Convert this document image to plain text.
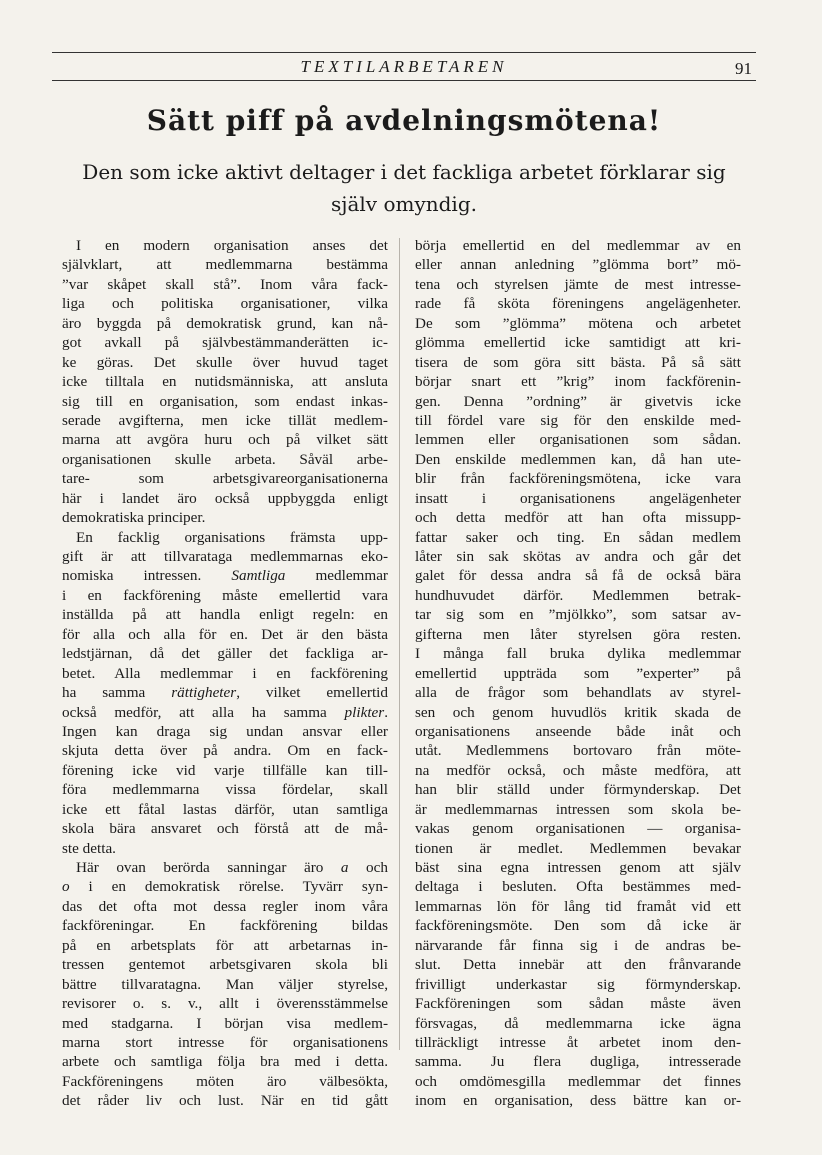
TEXTILARBETAREN	91
Sätt piff på avdelningsmötena!
Den som icke aktivt deltager i det fackliga arbetet förklarar sig själv omyndig.
I en modern organisation anses det
självklart, att medlemmarna bestämma
”var skåpet skall stå”. Inom våra fack-
liga och politiska organisationer, vilka
äro byggda på demokratisk grund, kan nå-
got avkall på självbestämmanderätten ic-
ke göras. Det skulle över huvud taget
icke tilltala en nutidsmänniska, att ansluta
sig till en organisation, som endast inkas-
serade avgifterna, men icke tillät medlem-
marna att avgöra huru och på vilket sätt
organisationen skulle arbeta. Såväl arbe-
tare- som arbetsgivareorganisationerna
här i landet äro också uppbyggda enligt
demokratiska principer.
En facklig organisations främsta upp-
gift är att tillvarataga medlemmarnas eko-
nomiska intressen. Samtliga medlemmar
i en fackförening måste emellertid vara
inställda på att handla enligt regeln: en
för alla och alla för en. Det är den bästa
ledstjärnan, då det gäller det fackliga ar-
betet. Alla medlemmar i en fackförening
ha samma rättigheter, vilket emellertid
också medför, att alla ha samma plikter.
Ingen kan draga sig undan ansvar eller
skjuta detta över på andra. Om en fack-
förening icke vid varje tillfälle kan till-
föra medlemmarna vissa fördelar, skall
icke ett fåtal lastas därför, utan samtliga
skola bära ansvaret och förstå att de må-
ste detta.
Här ovan berörda sanningar äro a och
o i en demokratisk rörelse. Tyvärr syn-
das det ofta mot dessa regler inom våra
fackföreningar. En fackförening bildas
på en arbetsplats för att arbetarnas in-
tressen gentemot arbetsgivaren skola bli
bättre tillvaratagna. Man väljer styrelse,
revisorer o. s. v., allt i överensstämmelse
med stadgarna. I början visa medlem-
marna stort intresse för organisationens
arbete och samtliga följa bra med i detta.
Fackföreningens möten äro välbesökta,
det råder liv och lust. När en tid gått
börja emellertid en del medlemmar av en
eller annan anledning ”glömma bort” mö-
tena och styrelsen jämte de mest intresse-
rade få sköta föreningens angelägenheter.
De som ”glömma” mötena och arbetet
glömma emellertid icke samtidigt att kri-
tisera de som göra sitt bästa. På så sätt
börjar snart ett ”krig” inom fackförenin-
gen. Denna ”ordning” är givetvis icke
till fördel vare sig för den enskilde med-
lemmen eller organisationen som sådan.
Den enskilde medlemmen kan, då han ute-
blir från fackföreningsmötena, icke vara
insatt i organisationens angelägenheter
och detta medför att han ofta missupp-
fattar saker och ting. En sådan medlem
låter sin sak skötas av andra och går det
galet för dessa andra så få de också bära
hundhuvudet därför. Medlemmen betrak-
tar sig som en ”mjölkko”, som satsar av-
gifterna men låter styrelsen göra resten.
I många fall bruka dylika medlemmar
emellertid uppträda som ”experter” på
alla de frågor som behandlats av styrel-
sen och genom huvudlös kritik skada de
organisationens anseende både inåt och
utåt. Medlemmens bortovaro från möte-
na medför också, och måste medföra, att
han blir ställd under förmynderskap. Det
är medlemmarnas intressen som skola be-
vakas genom organisationen — organisa-
tionen är medlet. Medlemmen bevakar
bäst sina egna intressen genom att själv
deltaga i besluten. Ofta bestämmes med-
lemmarnas lön för lång tid framåt vid ett
fackföreningsmöte. Den som då icke är
närvarande får finna sig i de andras be-
slut. Detta innebär att den frånvarande
frivilligt underkastar sig förmynderskap.
Fackföreningen som sådan måste även
försvagas, då medlemmarna icke ägna
tillräckligt intresse åt arbetet inom den-
samma. Ju flera dugliga, intresserade
och omdömesgilla medlemmar det finnes
inom en organisation, dess bättre kan or-
